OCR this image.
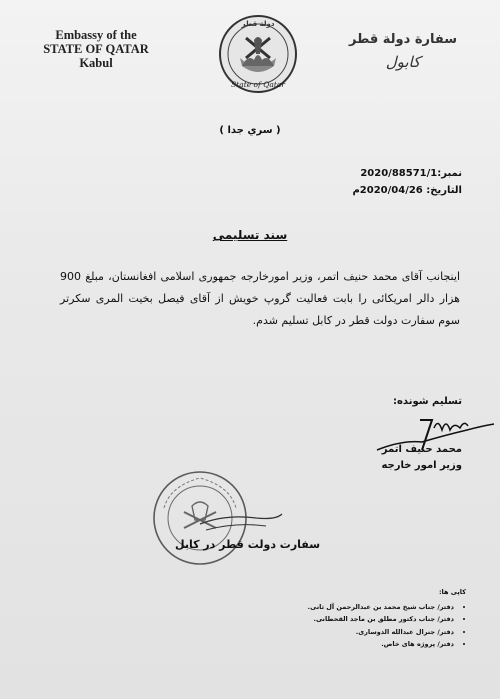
Embassy of the
STATE OF QATAR
Kabul
دولة قطر
State of Qatar
سفارة دولة قطر
كابول
( سري جدا )
نمبر:2020/88571/1
التاريخ: 2020/04/26م
سند تسليمی
اینجانب آقای محمد حنیف اتمر، وزیر امورخارجه جمهوری اسلامی افغانستان، مبلغ 900 هزار دالر امریکائی را بابت فعالیت گروپ خویش از آقای فیصل بخیت المری سکرتر سوم سفارت دولت قطر در کابل تسلیم شدم.
تسلیم شونده:
محمد حنیف اتمر
وزیر امور خارجه
سفارت دولت قطر در کابل
کاپی ها:
• دفتر/ جناب شیخ محمد بن عبدالرحمن آل ثانی.
• دفتر/ جناب دکتور مطلق بن ماجد القحطانی.
• دفتر/ جنرال عبدالله الدوساری.
• دفتر/ پروژه های خاص.
